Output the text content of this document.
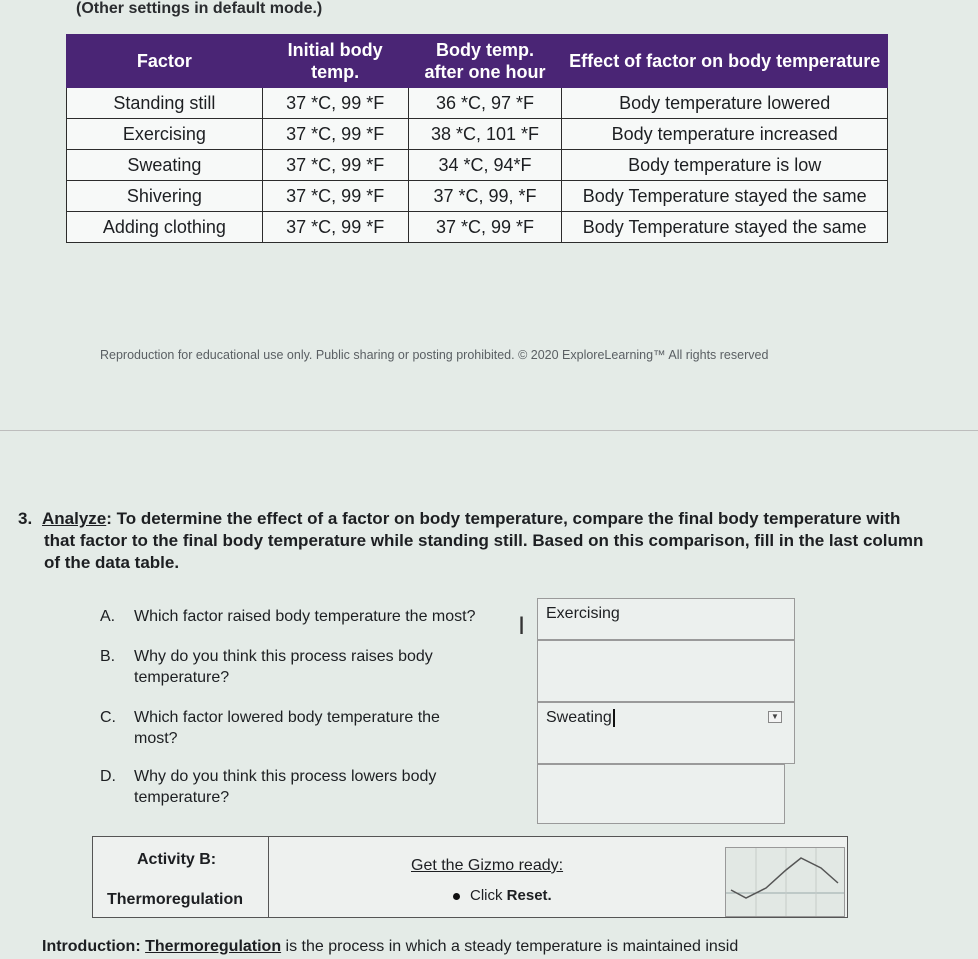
(Other settings in default mode.)
Factor	Initial body temp.	Body temp. after one hour	Effect of factor on body temperature
Standing still	37 *C, 99 *F	36 *C, 97 *F	Body temperature lowered
Exercising	37 *C, 99 *F	38 *C, 101 *F	Body temperature increased
Sweating	37 *C, 99 *F	34 *C, 94*F	Body temperature is low
Shivering	37 *C, 99 *F	37 *C, 99, *F	Body Temperature stayed the same
Adding clothing	37 *C, 99 *F	37 *C, 99 *F	Body Temperature stayed the same
Reproduction for educational use only. Public sharing or posting prohibited. © 2020 ExploreLearning™ All rights reserved
3. Analyze: To determine the effect of a factor on body temperature, compare the final body temperature with
that factor to the final body temperature while standing still. Based on this comparison, fill in the last column
of the data table.
A. Which factor raised body temperature the most?	I	Exercising
B. Why do you think this process raises body
temperature?
C. Which factor lowered body temperature the
most?
Sweating	▼
D. Why do you think this process lowers body
temperature?
Activity B:
Thermoregulation
Get the Gizmo ready:
Click Reset.
Introduction: Thermoregulation is the process in which a steady temperature is maintained insid
